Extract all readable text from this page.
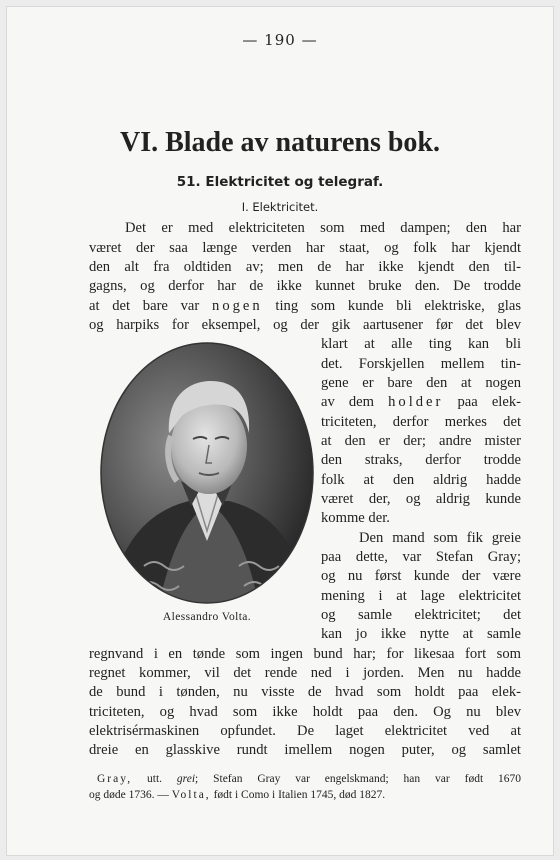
— 190 —
VI. Blade av naturens bok.
51. Elektricitet og telegraf.
I. Elektricitet.
Det er med elektriciteten som med dampen; den har
været der saa længe verden har staat, og folk har kjendt
den alt fra oldtiden av; men de har ikke kjendt den til-
gagns, og derfor har de ikke kunnet bruke den. De trodde
at det bare var nogen ting som kunde bli elektriske, glas
og harpiks for eksempel, og der gik aartusener før det blev
klart at alle ting kan bli
det. Forskjellen mellem tin-
gene er bare den at nogen
av dem holder paa elek-
triciteten, derfor merkes det
at den er der; andre mister
den straks, derfor trodde
folk at den aldrig hadde
været der, og aldrig kunde
komme der.
Den mand som fik greie
paa dette, var Stefan Gray;
og nu først kunde der være
mening i at lage elektricitet
og samle elektricitet; det
kan jo ikke nytte at samle
regnvand i en tønde som ingen bund har; for likesaa fort som
regnet kommer, vil det rende ned i jorden. Men nu hadde
de bund i tønden, nu visste de hvad som holdt paa elek-
triciteten, og hvad som ikke holdt paa den. Og nu blev
elektrisérmaskinen opfundet. De laget elektricitet ved at
dreie en glasskive rundt imellem nogen puter, og samlet
Alessandro Volta.
Gray, utt. grei; Stefan Gray var engelskmand; han var født 1670
og døde 1736. — Volta, født i Como i Italien 1745, død 1827.
